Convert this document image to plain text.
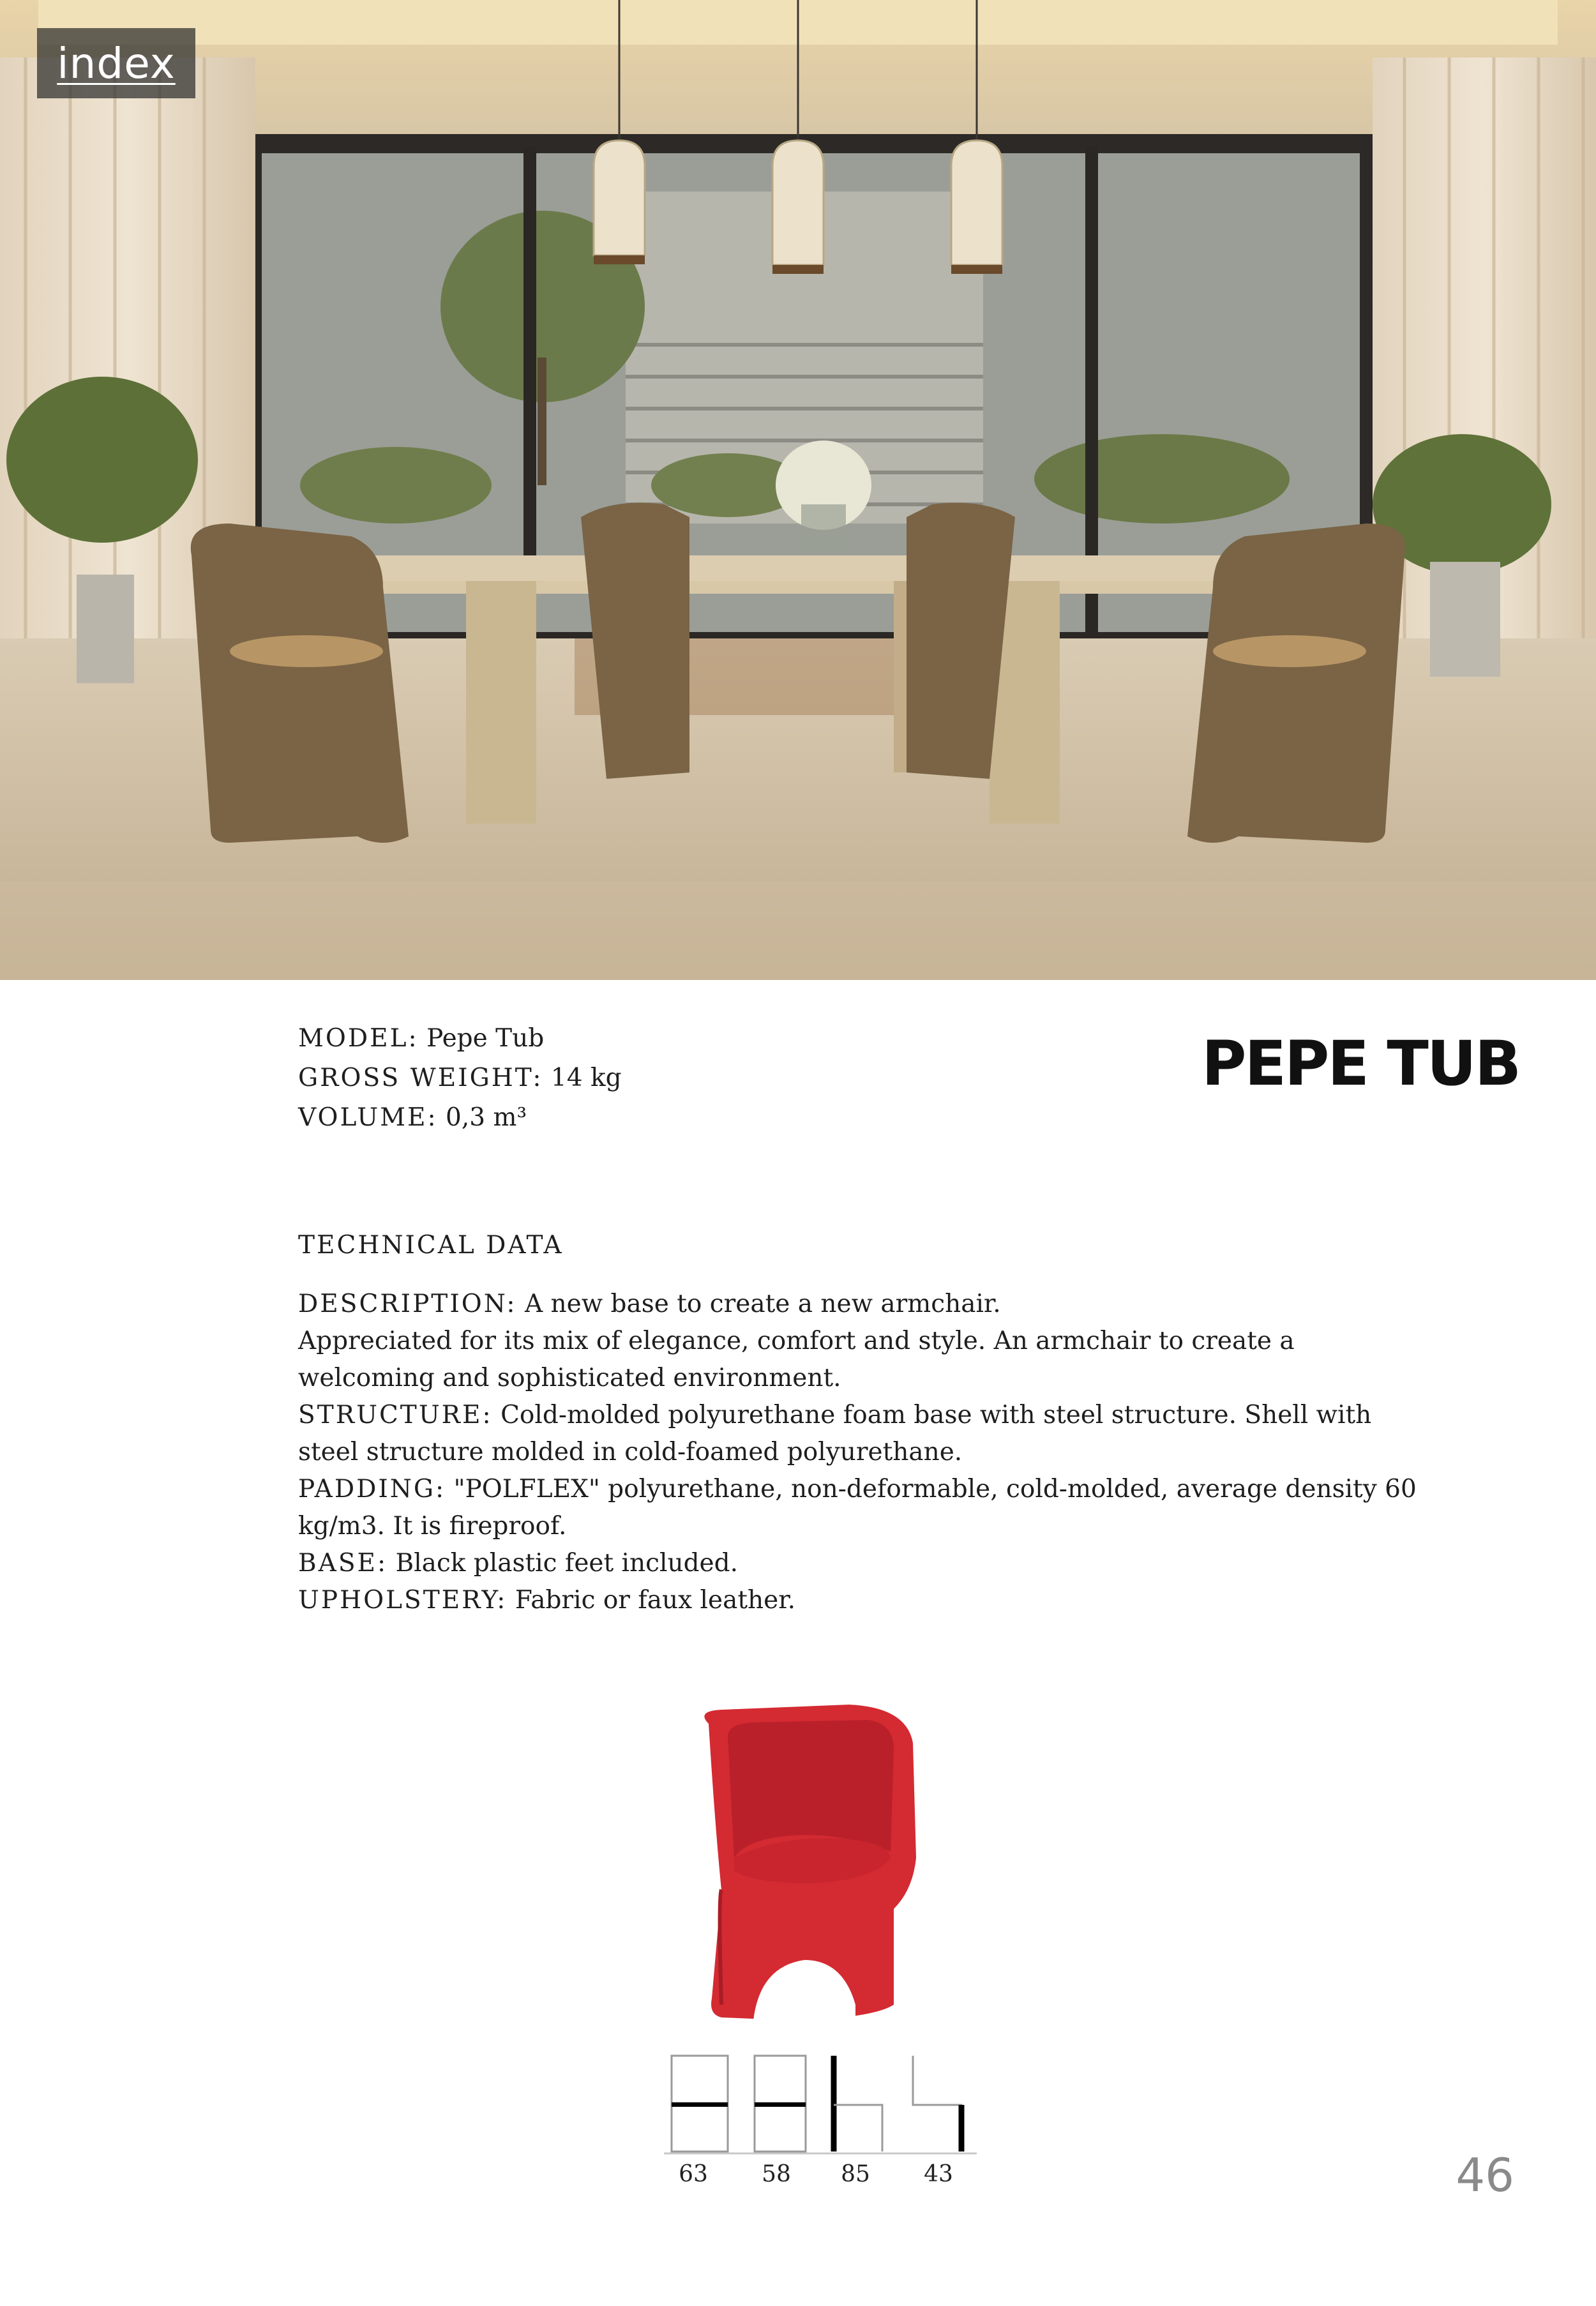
index
MODEL: Pepe Tub
GROSS WEIGHT: 14 kg
VOLUME: 0,3 m³
PEPE TUB
TECHNICAL DATA
DESCRIPTION: A new base to create a new armchair.
Appreciated for its mix of elegance, comfort and style. An armchair to create a welcoming and sophisticated environment.
STRUCTURE: Cold-molded polyurethane foam base with steel structure. Shell with steel structure molded in cold-foamed polyurethane.
PADDING: "POLFLEX" polyurethane, non-deformable, cold-molded, average density 60 kg/m3. It is fireproof.
BASE: Black plastic feet included.
UPHOLSTERY: Fabric or faux leather.
63	58	85	43	46
